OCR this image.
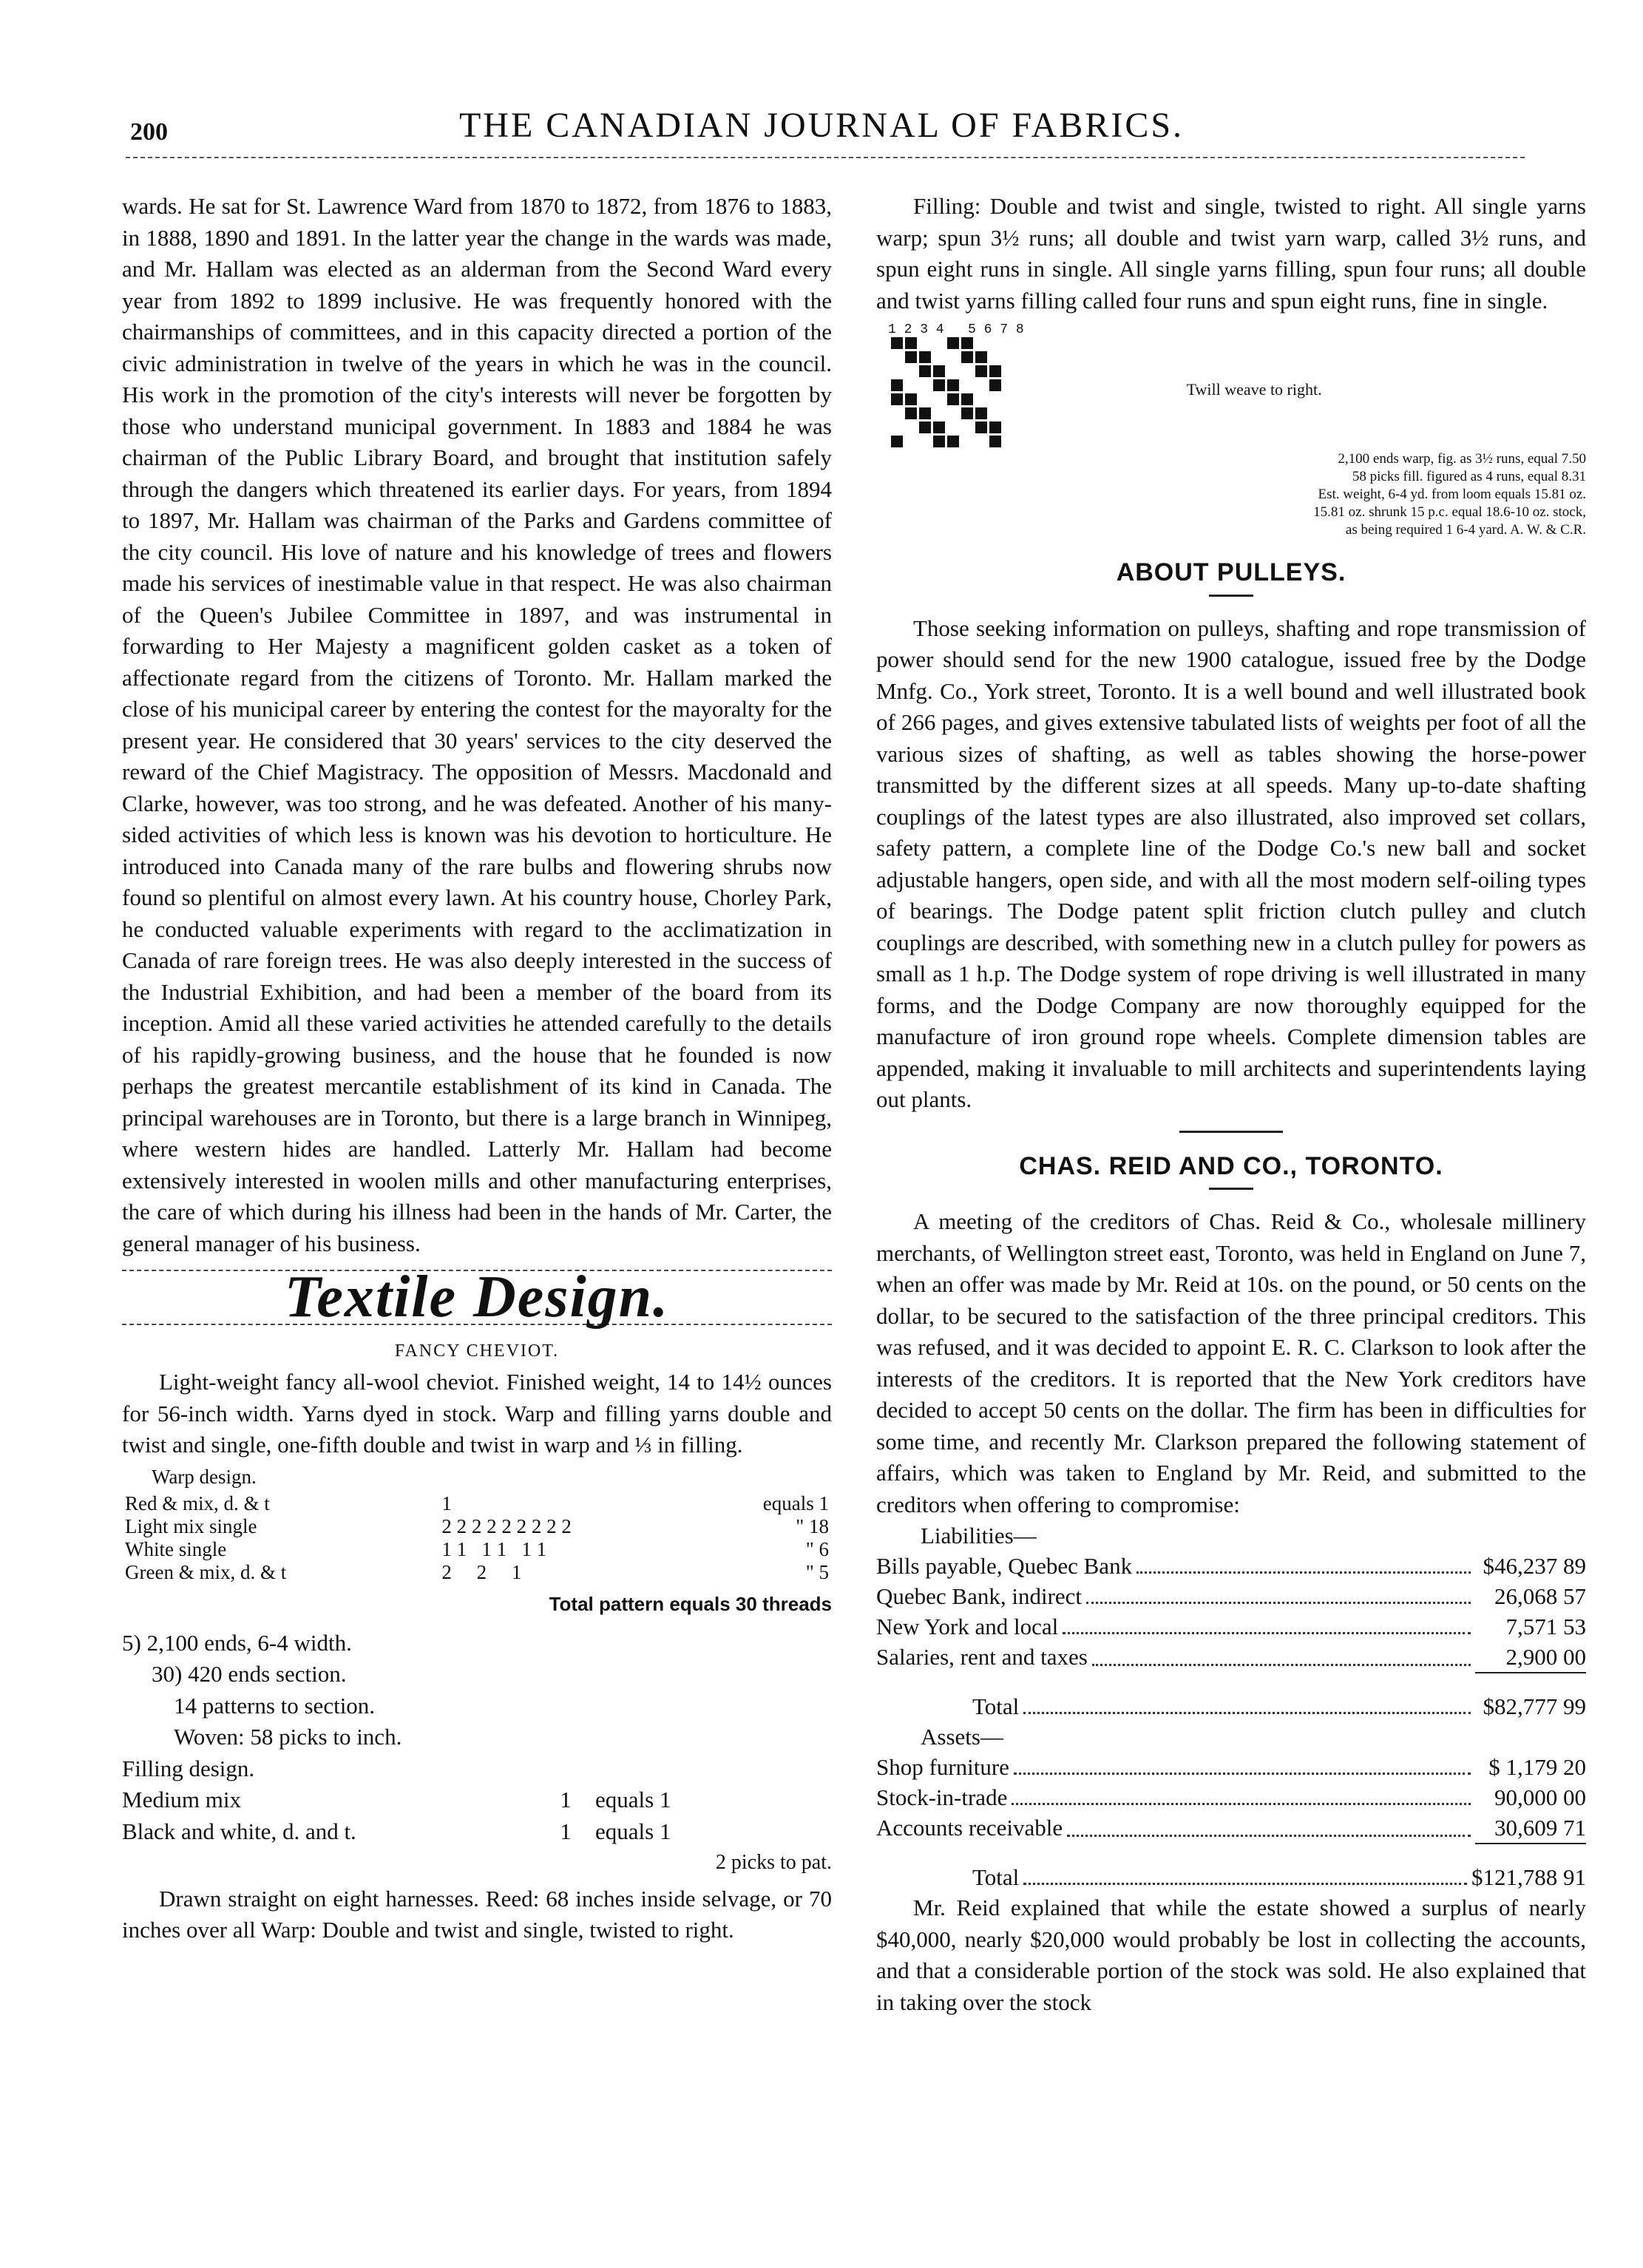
200	THE CANADIAN JOURNAL OF FABRICS.

wards. He sat for St. Lawrence Ward from 1870 to 1872, from 1876 to 1883, in 1888, 1890 and 1891. In the latter year the change in the wards was made, and Mr. Hallam was elected as an alderman from the Second Ward every year from 1892 to 1899 inclusive. He was frequently honored with the chairmanships of committees, and in this capacity directed a portion of the civic administration in twelve of the years in which he was in the council. His work in the promotion of the city's interests will never be forgotten by those who understand municipal government. In 1883 and 1884 he was chairman of the Public Library Board, and brought that institution safely through the dangers which threatened its earlier days. For years, from 1894 to 1897, Mr. Hallam was chairman of the Parks and Gardens committee of the city council. His love of nature and his knowledge of trees and flowers made his services of inestimable value in that respect. He was also chairman of the Queen's Jubilee Committee in 1897, and was instrumental in forwarding to Her Majesty a magnificent golden casket as a token of affectionate regard from the citizens of Toronto. Mr. Hallam marked the close of his municipal career by entering the contest for the mayoralty for the present year. He considered that 30 years' services to the city deserved the reward of the Chief Magistracy. The opposition of Messrs. Macdonald and Clarke, however, was too strong, and he was defeated. Another of his many-sided activities of which less is known was his devotion to horticulture. He introduced into Canada many of the rare bulbs and flowering shrubs now found so plentiful on almost every lawn. At his country house, Chorley Park, he conducted valuable experiments with regard to the acclimatization in Canada of rare foreign trees. He was also deeply interested in the success of the Industrial Exhibition, and had been a member of the board from its inception. Amid all these varied activities he attended carefully to the details of his rapidly-growing business, and the house that he founded is now perhaps the greatest mercantile establishment of its kind in Canada. The principal warehouses are in Toronto, but there is a large branch in Winnipeg, where western hides are handled. Latterly Mr. Hallam had become extensively interested in woolen mills and other manufacturing enterprises, the care of which during his illness had been in the hands of Mr. Carter, the general manager of his business.

Textile Design.
FANCY CHEVIOT.

Light-weight fancy all-wool cheviot. Finished weight, 14 to 14½ ounces for 56-inch width. Yarns dyed in stock. Warp and filling yarns double and twist and single, one-fifth double and twist in warp and ⅓ in filling.

Warp design.
Red & mix, d. & t	1	equals 1
Light mix single	2 2 2 2 2 2 2 2 2	" 18
White single	1 1   1 1   1 1	" 6
Green & mix, d. & t	2     2     1	" 5
Total pattern equals 30 threads
5) 2,100 ends, 6-4 width.
30) 420 ends section.
14 patterns to section.
Woven: 58 picks to inch.
Filling design.
Medium mix	1	equals 1
Black and white, d. and t.	1	equals 1
2 picks to pat.

Drawn straight on eight harnesses. Reed: 68 inches inside selvage, or 70 inches over all Warp: Double and twist and single, twisted to right.

Filling: Double and twist and single, twisted to right. All single yarns warp; spun 3½ runs; all double and twist yarn warp, called 3½ runs, and spun eight runs in single. All single yarns filling, spun four runs; all double and twist yarns filling called four runs and spun eight runs, fine in single.

1 2 3 4   5 6 7 8
Twill weave to right.
2,100 ends warp, fig. as 3½ runs, equal 7.50
58 picks fill. figured as 4 runs, equal 8.31
Est. weight, 6-4 yd. from loom equals 15.81 oz.
15.81 oz. shrunk 15 p.c. equal 18.6-10 oz. stock,
as being required 1 6-4 yard. A. W. & C.R.
ABOUT PULLEYS.

Those seeking information on pulleys, shafting and rope transmission of power should send for the new 1900 catalogue, issued free by the Dodge Mnfg. Co., York street, Toronto. It is a well bound and well illustrated book of 266 pages, and gives extensive tabulated lists of weights per foot of all the various sizes of shafting, as well as tables showing the horse-power transmitted by the different sizes at all speeds. Many up-to-date shafting couplings of the latest types are also illustrated, also improved set collars, safety pattern, a complete line of the Dodge Co.'s new ball and socket adjustable hangers, open side, and with all the most modern self-oiling types of bearings. The Dodge patent split friction clutch pulley and clutch couplings are described, with something new in a clutch pulley for powers as small as 1 h.p. The Dodge system of rope driving is well illustrated in many forms, and the Dodge Company are now thoroughly equipped for the manufacture of iron ground rope wheels. Complete dimension tables are appended, making it invaluable to mill architects and superintendents laying out plants.

CHAS. REID AND CO., TORONTO.

A meeting of the creditors of Chas. Reid & Co., wholesale millinery merchants, of Wellington street east, Toronto, was held in England on June 7, when an offer was made by Mr. Reid at 10s. on the pound, or 50 cents on the dollar, to be secured to the satisfaction of the three principal creditors. This was refused, and it was decided to appoint E. R. C. Clarkson to look after the interests of the creditors. It is reported that the New York creditors have decided to accept 50 cents on the dollar. The firm has been in difficulties for some time, and recently Mr. Clarkson prepared the following statement of affairs, which was taken to England by Mr. Reid, and submitted to the creditors when offering to compromise:

Liabilities—
Bills payable, Quebec Bank	$46,237 89
Quebec Bank, indirect	26,068 57
New York and local	7,571 53
Salaries, rent and taxes	2,900 00
Total	$82,777 99
Assets—
Shop furniture	$ 1,179 20
Stock-in-trade	90,000 00
Accounts receivable	30,609 71
Total	$121,788 91

Mr. Reid explained that while the estate showed a surplus of nearly $40,000, nearly $20,000 would probably be lost in collecting the accounts, and that a considerable portion of the stock was sold. He also explained that in taking over the stock
